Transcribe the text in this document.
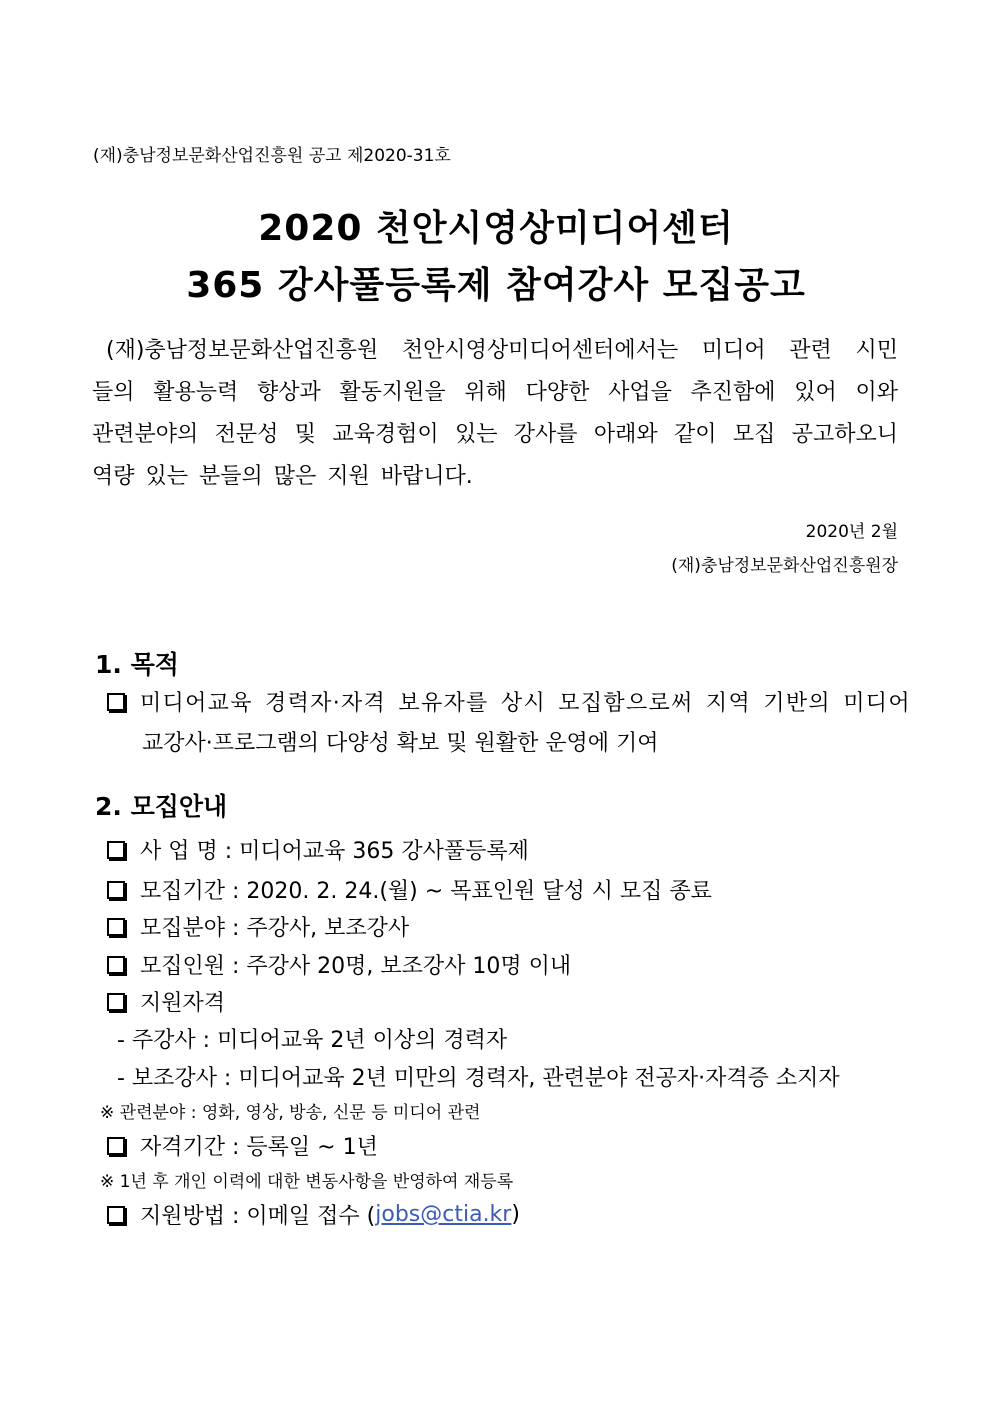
(재)충남정보문화산업진흥원 공고 제2020-31호
2020 천안시영상미디어센터
365 강사풀등록제 참여강사 모집공고
(재)충남정보문화산업진흥원 천안시영상미디어센터에서는 미디어 관련 시민
들의 활용능력 향상과 활동지원을 위해 다양한 사업을 추진함에 있어 이와
관련분야의 전문성 및 교육경험이 있는 강사를 아래와 같이 모집 공고하오니
역량 있는 분들의 많은 지원 바랍니다.
2020년 2월
(재)충남정보문화산업진흥원장
1. 목적
미디어교육 경력자·자격 보유자를 상시 모집함으로써 지역 기반의 미디어
교강사·프로그램의 다양성 확보 및 원활한 운영에 기여
2. 모집안내
사 업 명 : 미디어교육 365 강사풀등록제
모집기간 : 2020. 2. 24.(월) ~ 목표인원 달성 시 모집 종료
모집분야 : 주강사, 보조강사
모집인원 : 주강사 20명, 보조강사 10명 이내
지원자격
- 주강사 : 미디어교육 2년 이상의 경력자
- 보조강사 : 미디어교육 2년 미만의 경력자, 관련분야 전공자·자격증 소지자
※ 관련분야 : 영화, 영상, 방송, 신문 등 미디어 관련
자격기간 : 등록일 ~ 1년
※ 1년 후 개인 이력에 대한 변동사항을 반영하여 재등록
지원방법 : 이메일 접수 ( jobs@ctia.kr )
